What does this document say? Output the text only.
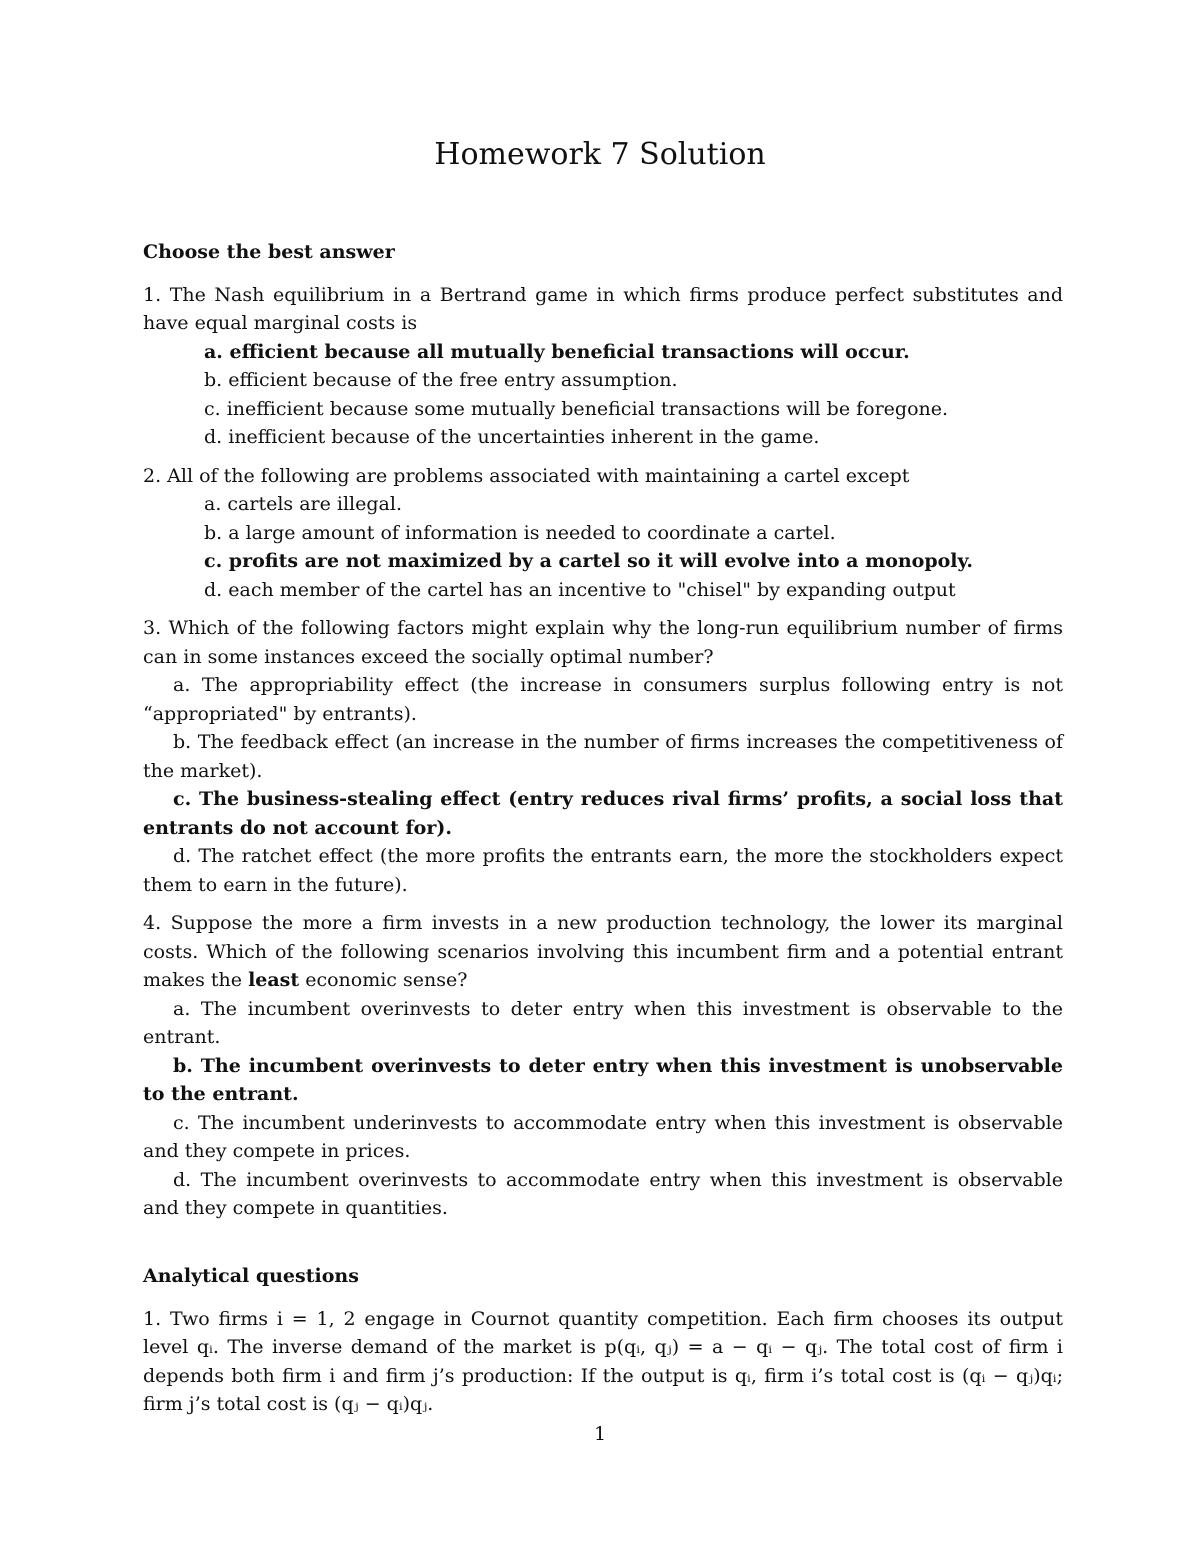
Homework 7 Solution

Choose the best answer

1. The Nash equilibrium in a Bertrand game in which firms produce perfect substitutes and have equal marginal costs is

a. efficient because all mutually beneficial transactions will occur.

b. efficient because of the free entry assumption.

c. inefficient because some mutually beneficial transactions will be foregone.

d. inefficient because of the uncertainties inherent in the game.

2. All of the following are problems associated with maintaining a cartel except

a. cartels are illegal.

b. a large amount of information is needed to coordinate a cartel.

c. profits are not maximized by a cartel so it will evolve into a monopoly.

d. each member of the cartel has an incentive to "chisel" by expanding output

3. Which of the following factors might explain why the long-run equilibrium number of firms can in some instances exceed the socially optimal number?

a. The appropriability effect (the increase in consumers surplus following entry is not “appropriated" by entrants).

b. The feedback effect (an increase in the number of firms increases the competitiveness of the market).

c. The business-stealing effect (entry reduces rival firms’ profits, a social loss that entrants do not account for).

d. The ratchet effect (the more profits the entrants earn, the more the stockholders expect them to earn in the future).

4. Suppose the more a firm invests in a new production technology, the lower its marginal costs. Which of the following scenarios involving this incumbent firm and a potential entrant makes the least economic sense?

a. The incumbent overinvests to deter entry when this investment is observable to the entrant.

b. The incumbent overinvests to deter entry when this investment is unobservable to the entrant.

c. The incumbent underinvests to accommodate entry when this investment is observable and they compete in prices.

d. The incumbent overinvests to accommodate entry when this investment is observable and they compete in quantities.

Analytical questions

1. Two firms i = 1, 2 engage in Cournot quantity competition. Each firm chooses its output level qᵢ. The inverse demand of the market is p(qᵢ, qⱼ) = a − qᵢ − qⱼ. The total cost of firm i depends both firm i and firm j’s production: If the output is qᵢ, firm i’s total cost is (qᵢ − qⱼ)qᵢ; firm j’s total cost is (qⱼ − qᵢ)qⱼ.

1
